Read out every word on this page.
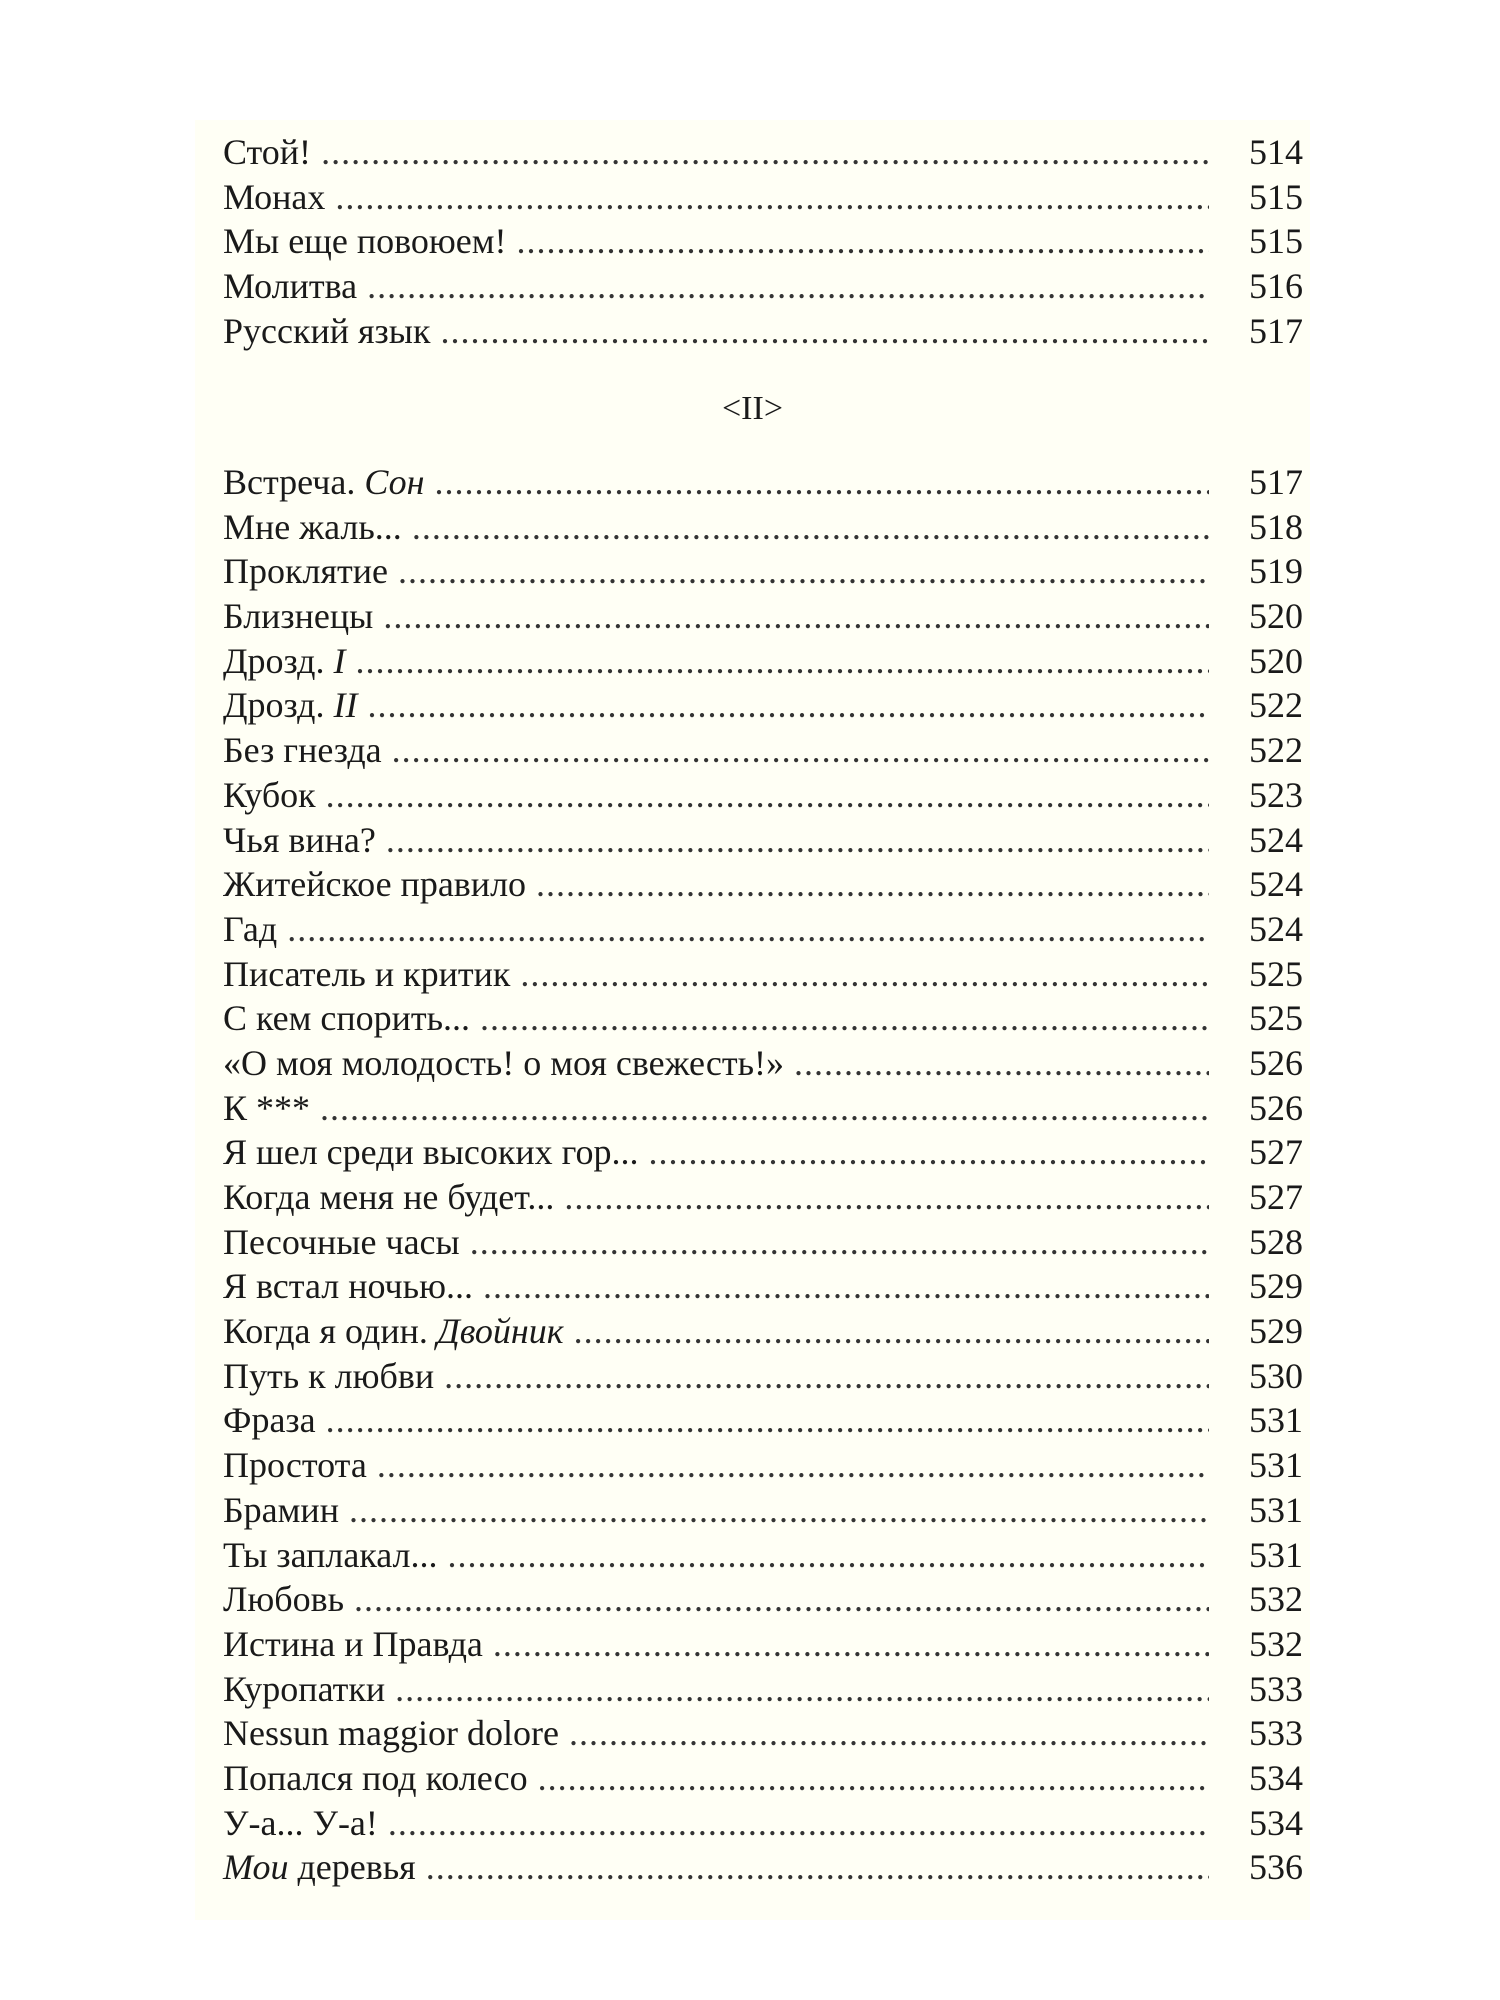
Стой! .....	514
Монах .....	515
Мы еще повоюем! .....	515
Молитва .....	516
Русский язык .....	517
<II>
Встреча. Сон .....	517
Мне жаль... .....	518
Проклятие .....	519
Близнецы .....	520
Дрозд. I .....	520
Дрозд. II .....	522
Без гнезда .....	522
Кубок .....	523
Чья вина? .....	524
Житейское правило .....	524
Гад .....	524
Писатель и критик .....	525
С кем спорить... .....	525
«О моя молодость! о моя свежесть!» .....	526
К *** .....	526
Я шел среди высоких гор... .....	527
Когда меня не будет... .....	527
Песочные часы .....	528
Я встал ночью... .....	529
Когда я один. Двойник .....	529
Путь к любви .....	530
Фраза .....	531
Простота .....	531
Брамин .....	531
Ты заплакал... .....	531
Любовь .....	532
Истина и Правда .....	532
Куропатки .....	533
Nessun maggior dolore .....	533
Попался под колесо .....	534
У-а... У-а! .....	534
Мои деревья .....	536
